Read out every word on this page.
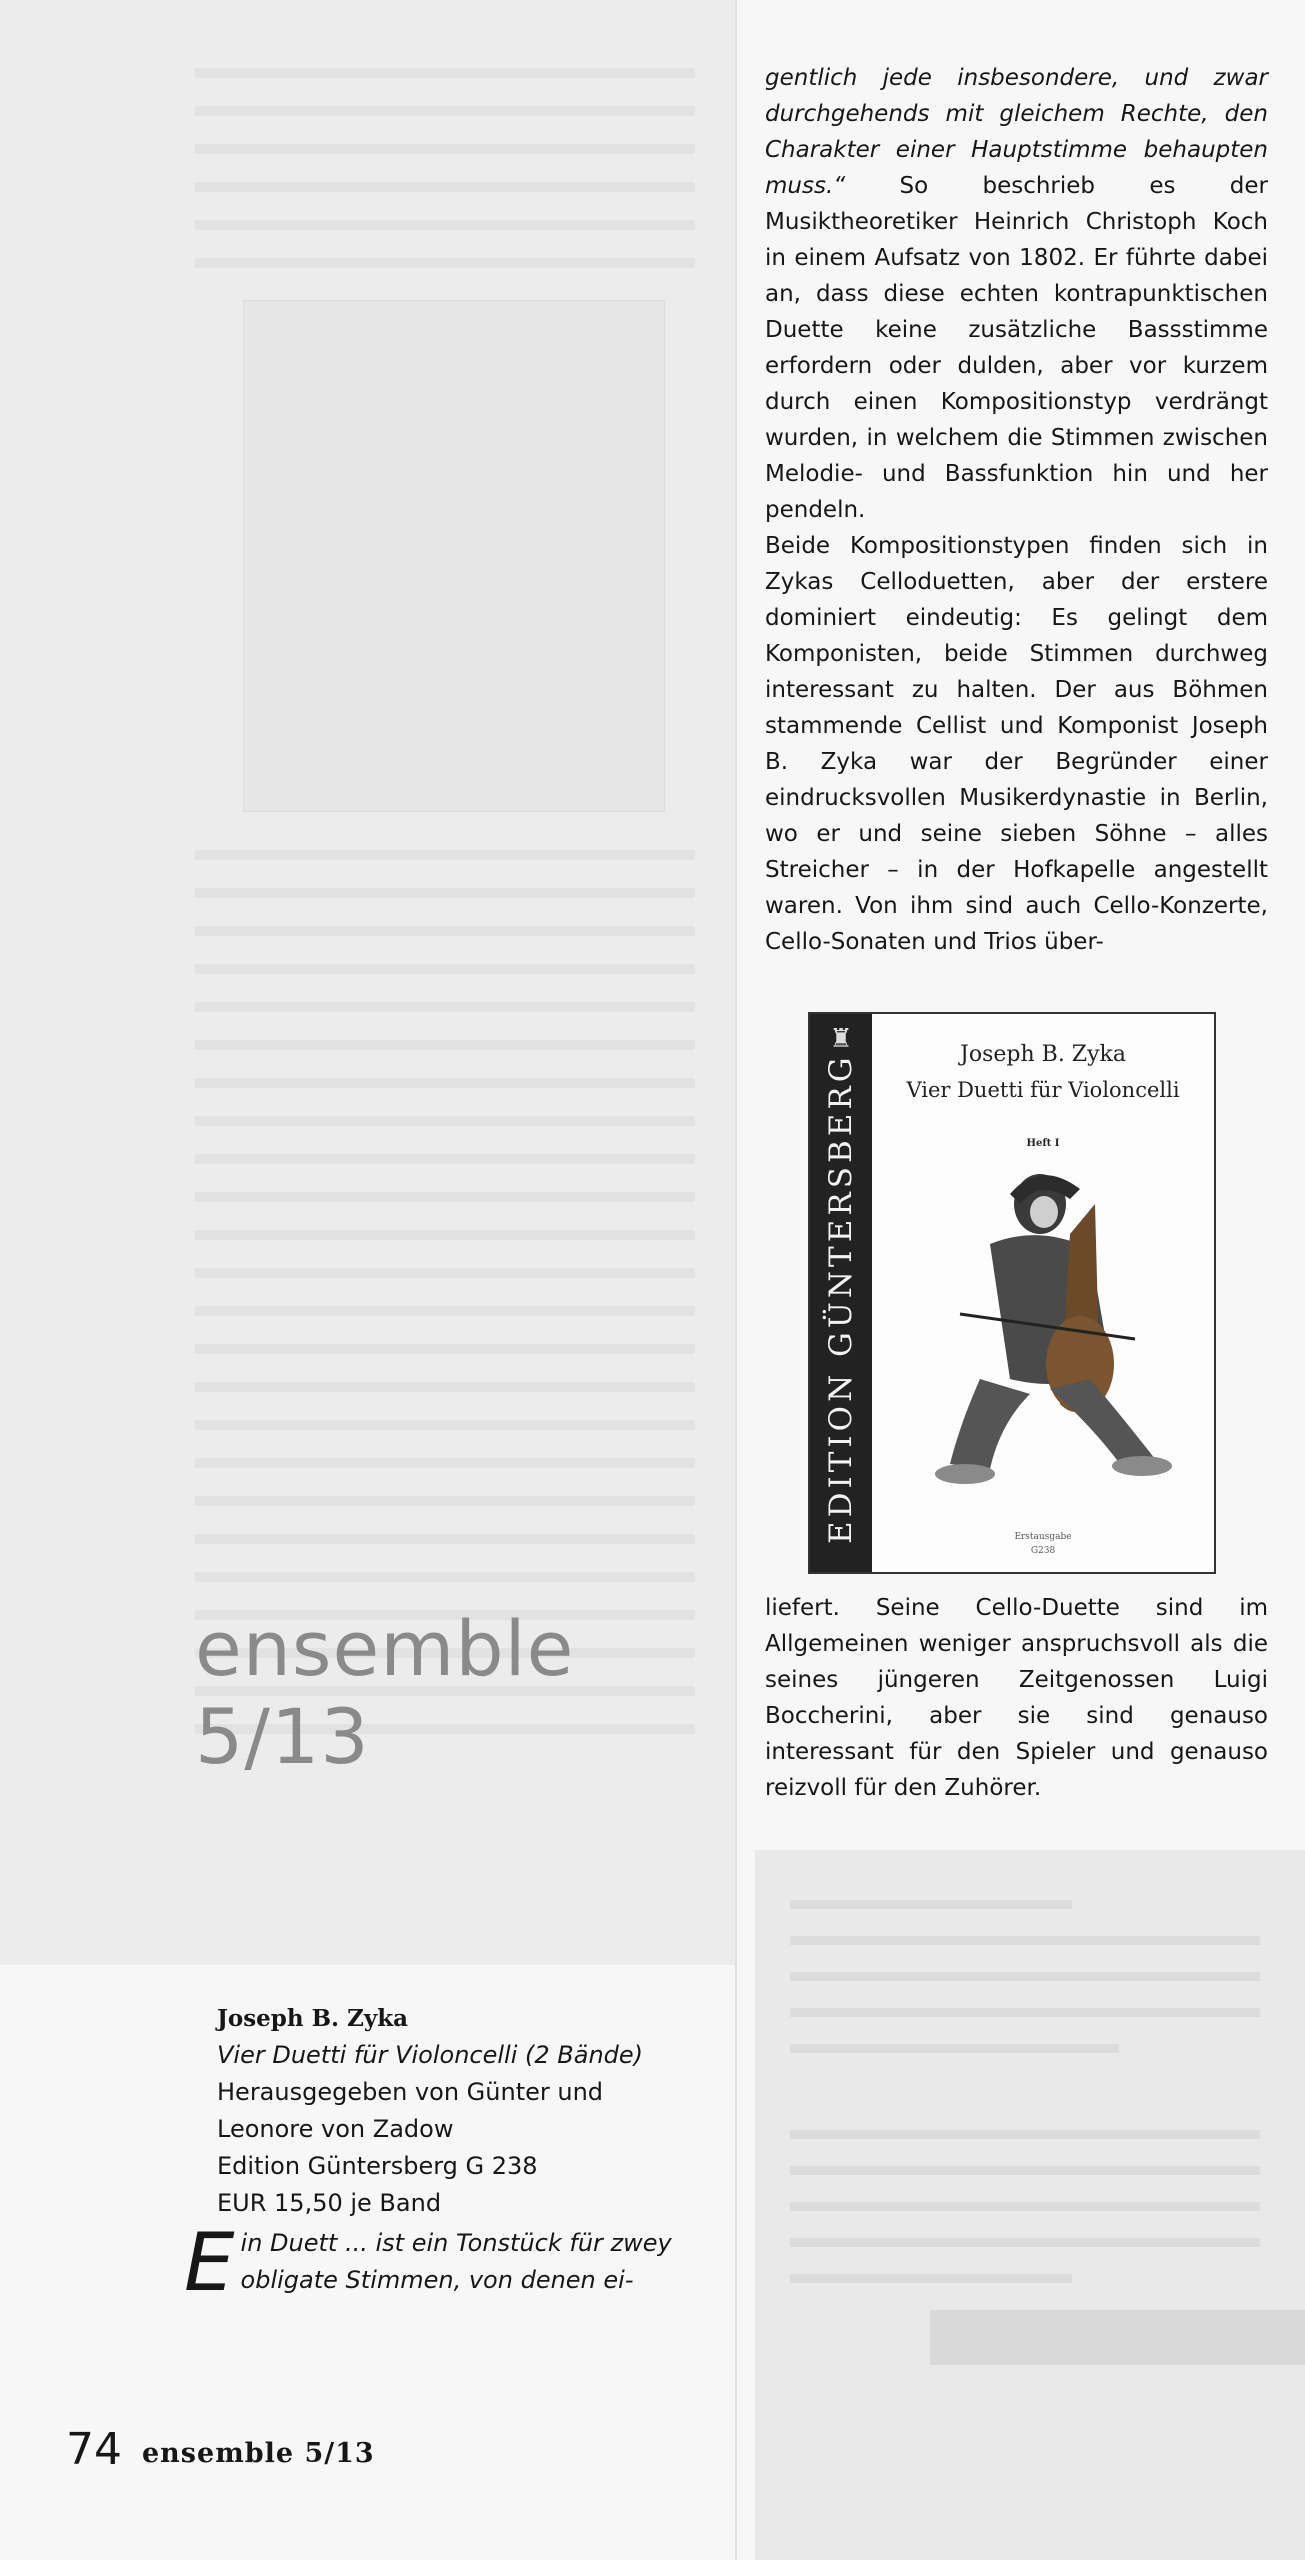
ensemble
5/13

gentlich jede insbesondere, und zwar durchgehends mit gleichem Rechte, den Charakter einer Hauptstimme behaupten muss.“ So beschrieb es der Musiktheoretiker Heinrich Christoph Koch in einem Aufsatz von 1802. Er führte dabei an, dass diese echten kontrapunktischen Duette keine zusätzliche Bassstimme erfordern oder dulden, aber vor kurzem durch einen Kompositionstyp verdrängt wurden, in welchem die Stimmen zwischen Melodie- und Bassfunktion hin und her pendeln.

Beide Kompositionstypen finden sich in Zykas Celloduetten, aber der erstere dominiert eindeutig: Es gelingt dem Komponisten, beide Stimmen durchweg interessant zu halten. Der aus Böhmen stammende Cellist und Komponist Joseph B. Zyka war der Begründer einer eindrucksvollen Musikerdynastie in Berlin, wo er und seine sieben Söhne – alles Streicher – in der Hofkapelle angestellt waren. Von ihm sind auch Cello-Konzerte, Cello-Sonaten und Trios über-

♜
EDITION GÜNTERSBERG	Joseph B. Zyka
Vier Duetti für Violoncelli
Heft I
Erstausgabe
G238

liefert. Seine Cello-Duette sind im Allgemeinen weniger anspruchsvoll als die seines jüngeren Zeitgenossen Luigi Boccherini, aber sie sind genauso interessant für den Spieler und genauso reizvoll für den Zuhörer.

Joseph B. Zyka
Vier Duetti für Violoncelli (2 Bände)
Herausgegeben von Günter und
Leonore von Zadow
Edition Güntersberg G 238
EUR 15,50 je Band
Ein Duett ... ist ein Tonstück für zwey obligate Stimmen, von denen ei-
74 ensemble 5/13
